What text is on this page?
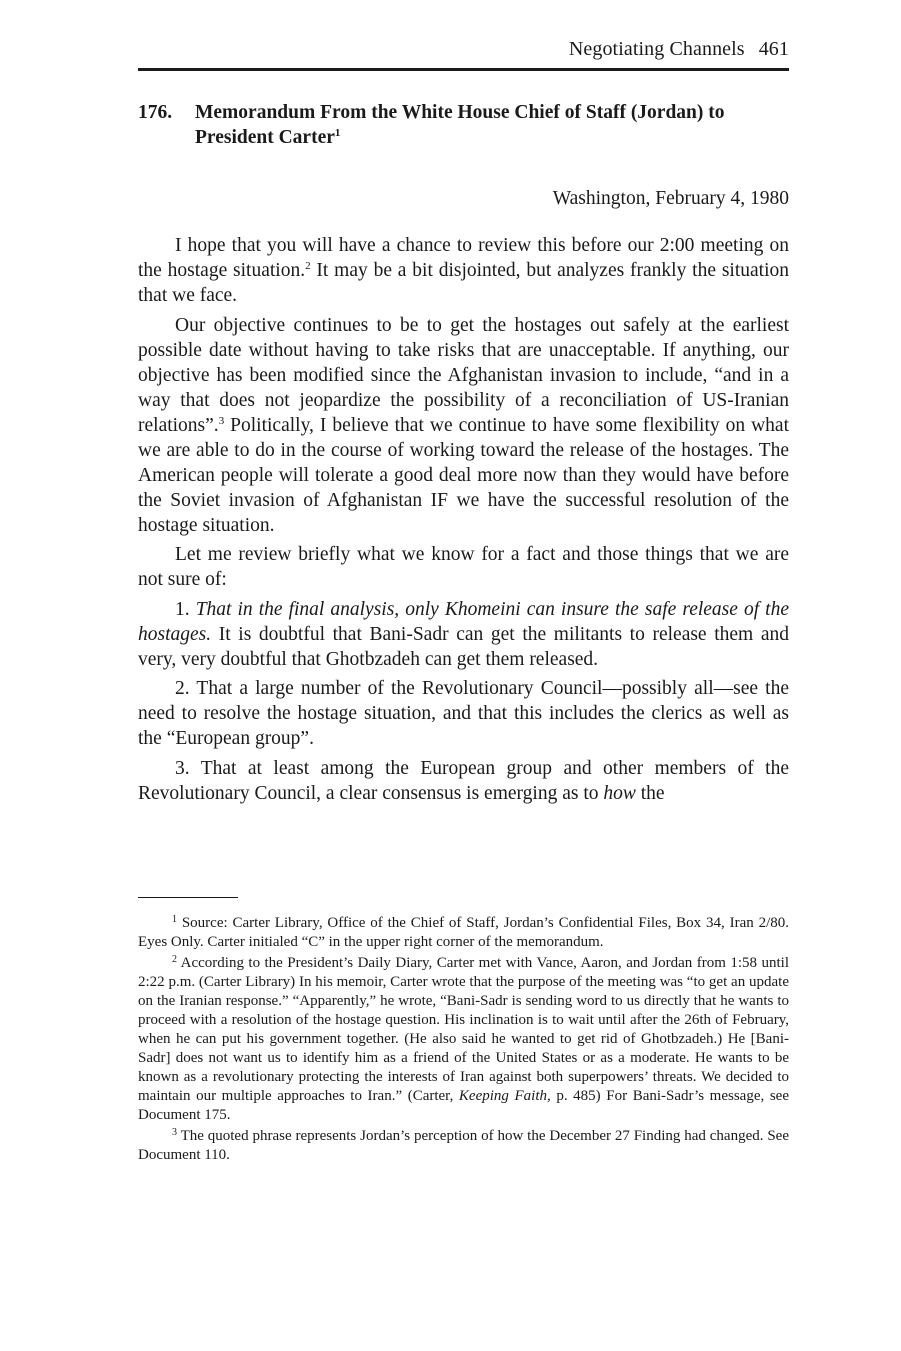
Negotiating Channels 461
176.	Memorandum From the White House Chief of Staff (Jordan) to President Carter$^1$
Washington, February 4, 1980

I hope that you will have a chance to review this before our 2:00 meeting on the hostage situation.$^2$ It may be a bit disjointed, but analyzes frankly the situation that we face.

Our objective continues to be to get the hostages out safely at the earliest possible date without having to take risks that are unacceptable. If anything, our objective has been modified since the Afghanistan invasion to include, “and in a way that does not jeopardize the possibility of a reconciliation of US-Iranian relations”.$^3$ Politically, I believe that we continue to have some flexibility on what we are able to do in the course of working toward the release of the hostages. The American people will tolerate a good deal more now than they would have before the Soviet invasion of Afghanistan IF we have the successful resolution of the hostage situation.

Let me review briefly what we know for a fact and those things that we are not sure of:

1. That in the final analysis, only Khomeini can insure the safe release of the hostages. It is doubtful that Bani-Sadr can get the militants to release them and very, very doubtful that Ghotbzadeh can get them released.

2. That a large number of the Revolutionary Council—possibly all—see the need to resolve the hostage situation, and that this includes the clerics as well as the “European group”.

3. That at least among the European group and other members of the Revolutionary Council, a clear consensus is emerging as to how the

$^1$ Source: Carter Library, Office of the Chief of Staff, Jordan’s Confidential Files, Box 34, Iran 2/80. Eyes Only. Carter initialed “C” in the upper right corner of the memorandum.

$^2$ According to the President’s Daily Diary, Carter met with Vance, Aaron, and Jordan from 1:58 until 2:22 p.m. (Carter Library) In his memoir, Carter wrote that the purpose of the meeting was “to get an update on the Iranian response.” “Apparently,” he wrote, “Bani-Sadr is sending word to us directly that he wants to proceed with a resolution of the hostage question. His inclination is to wait until after the 26th of February, when he can put his government together. (He also said he wanted to get rid of Ghotbzadeh.) He [Bani-Sadr] does not want us to identify him as a friend of the United States or as a moderate. He wants to be known as a revolutionary protecting the interests of Iran against both superpowers’ threats. We decided to maintain our multiple approaches to Iran.” (Carter, Keeping Faith, p. 485) For Bani-Sadr’s message, see Document 175.

$^3$ The quoted phrase represents Jordan’s perception of how the December 27 Finding had changed. See Document 110.
